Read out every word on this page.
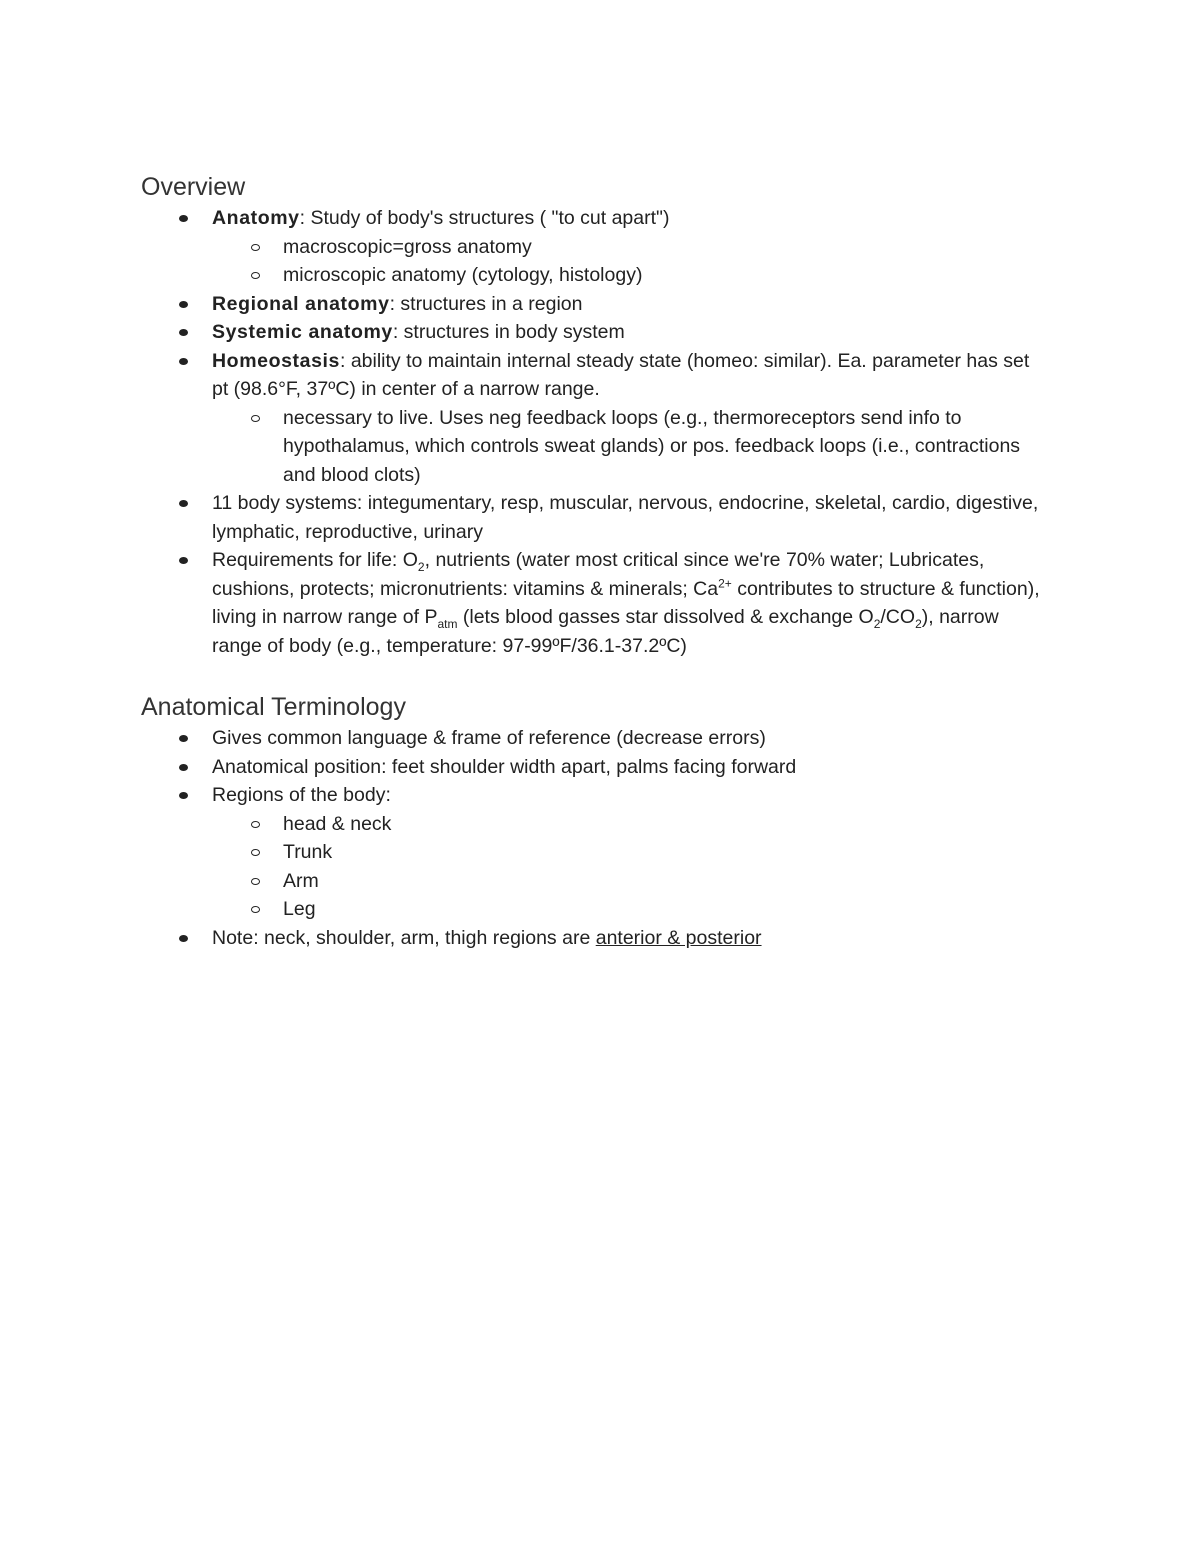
Overview
Anatomy: Study of body's structures ( "to cut apart")
macroscopic=gross anatomy
microscopic anatomy (cytology, histology)
Regional anatomy: structures in a region
Systemic anatomy: structures in body system
Homeostasis: ability to maintain internal steady state (homeo: similar). Ea. parameter has set pt (98.6°F, 37ºC) in center of a narrow range.
necessary to live. Uses neg feedback loops (e.g., thermoreceptors send info to hypothalamus, which controls sweat glands) or pos. feedback loops (i.e., contractions and blood clots)
11 body systems: integumentary, resp, muscular, nervous, endocrine, skeletal, cardio, digestive, lymphatic, reproductive, urinary
Requirements for life: $O_2$, nutrients (water most critical since we're 70% water; Lubricates, cushions, protects; micronutrients: vitamins & minerals; $Ca^{2+}$ contributes to structure & function), living in narrow range of $P_{atm}$ (lets blood gasses star dissolved & exchange $O_2/CO_2$), narrow range of body (e.g., temperature: 97-99ºF/36.1-37.2ºC)
Anatomical Terminology
Gives common language & frame of reference (decrease errors)
Anatomical position: feet shoulder width apart, palms facing forward
Regions of the body:
head & neck
Trunk
Arm
Leg
Note: neck, shoulder, arm, thigh regions are anterior & posterior
